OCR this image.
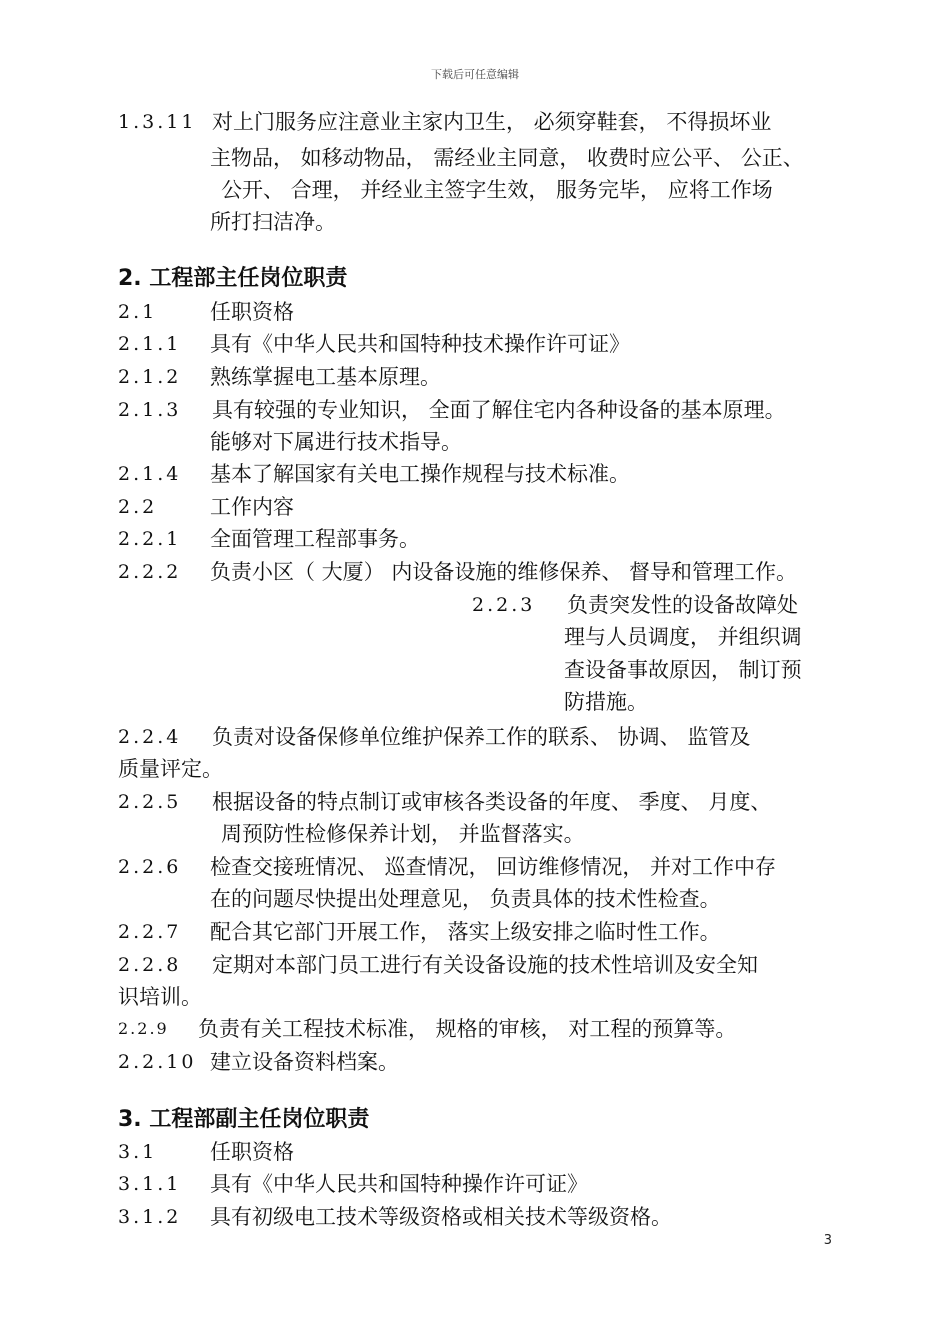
下载后可任意编辑
1.3.11 对上门服务应注意业主家内卫生， 必须穿鞋套， 不得损坏业
主物品， 如移动物品， 需经业主同意， 收费时应公平、 公正、
公开、 合理， 并经业主签字生效， 服务完毕， 应将工作场
所打扫洁净。
2. 工程部主任岗位职责
2.1	任职资格
2.1.1 具有《中华人民共和国特种技术操作许可证》
2.1.2 熟练掌握电工基本原理。
2.1.3 具有较强的专业知识， 全面了解住宅内各种设备的基本原理。
能够对下属进行技术指导。
2.1.4 基本了解国家有关电工操作规程与技术标准。
2.2	工作内容
2.2.1 全面管理工程部事务。
2.2.2 负责小区（ 大厦） 内设备设施的维修保养、 督导和管理工作。
2.2.3 负责突发性的设备故障处
理与人员调度， 并组织调
查设备事故原因， 制订预
防措施。
2.2.4 负责对设备保修单位维护保养工作的联系、 协调、 监管及
质量评定。
2.2.5 根据设备的特点制订或审核各类设备的年度、 季度、 月度、
周预防性检修保养计划， 并监督落实。
2.2.6 检查交接班情况、 巡查情况， 回访维修情况， 并对工作中存
在的问题尽快提出处理意见， 负责具体的技术性检查。
2.2.7 配合其它部门开展工作， 落实上级安排之临时性工作。
2.2.8 定期对本部门员工进行有关设备设施的技术性培训及安全知
识培训。
2.2.9 负责有关工程技术标准， 规格的审核， 对工程的预算等。
2.2.10 建立设备资料档案。
3. 工程部副主任岗位职责
3.1	任职资格
3.1.1 具有《中华人民共和国特种操作许可证》
3.1.2 具有初级电工技术等级资格或相关技术等级资格。
3
